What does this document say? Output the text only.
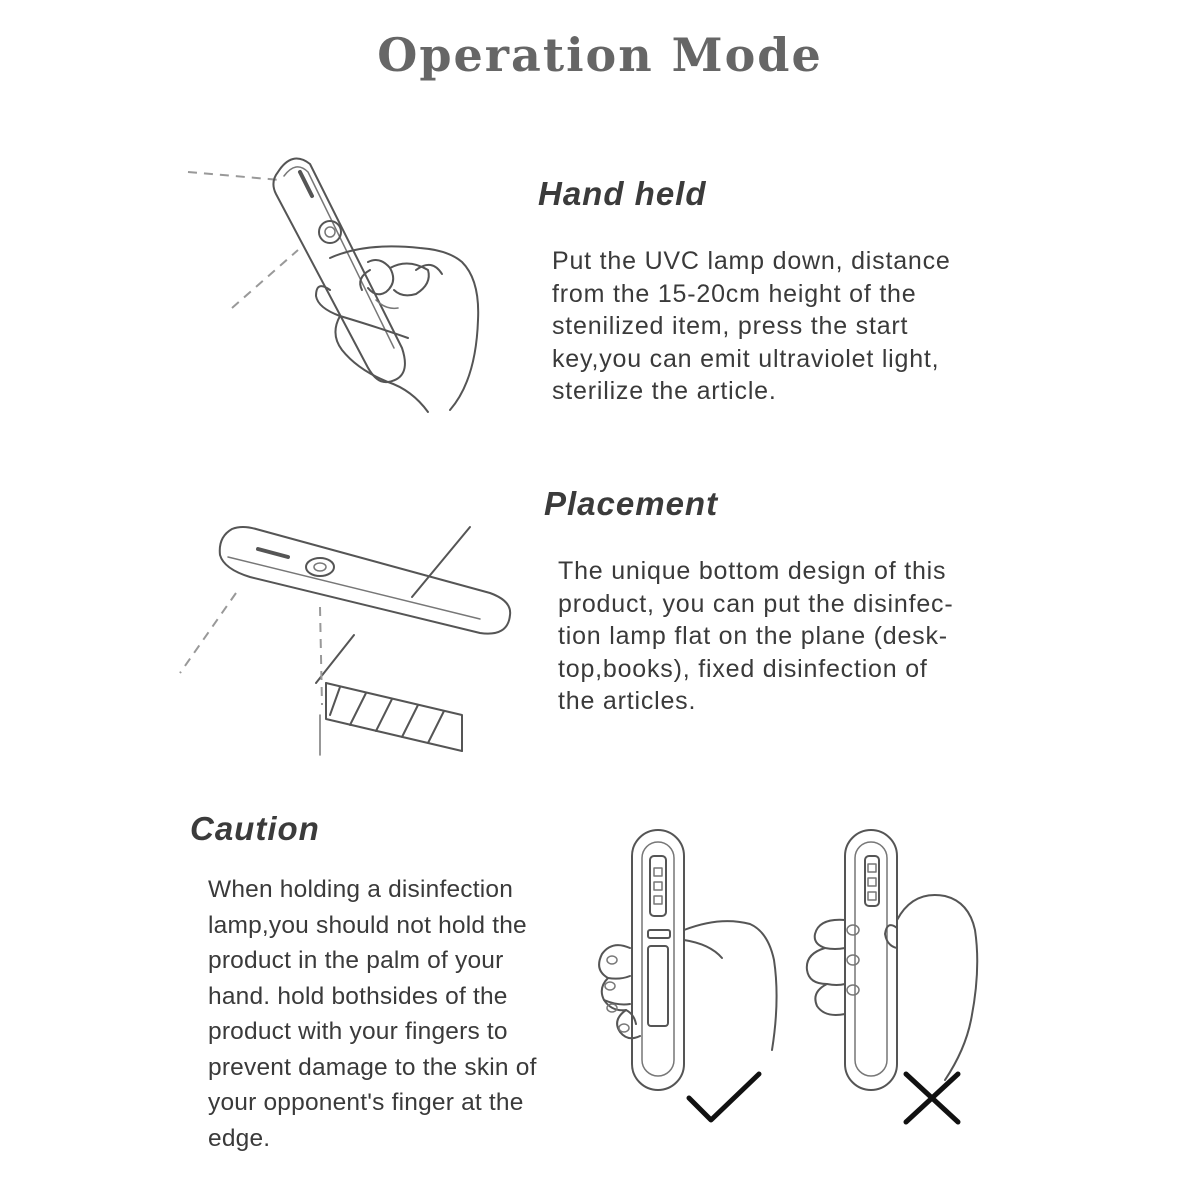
Operation Mode
Hand held
Put the UVC lamp down, distance
from the 15-20cm height of the
stenilized item, press the start
key,you can emit ultraviolet light,
sterilize the article.
Placement
The unique bottom design of this
product, you can put the disinfec-
tion lamp flat on the plane (desk-
top,books), fixed disinfection of
the articles.
Caution
When holding a disinfection
lamp,you should not hold the
product in the palm of your
hand. hold bothsides of the
product with your fingers to
prevent damage to the skin of
your opponent's finger at the
edge.
